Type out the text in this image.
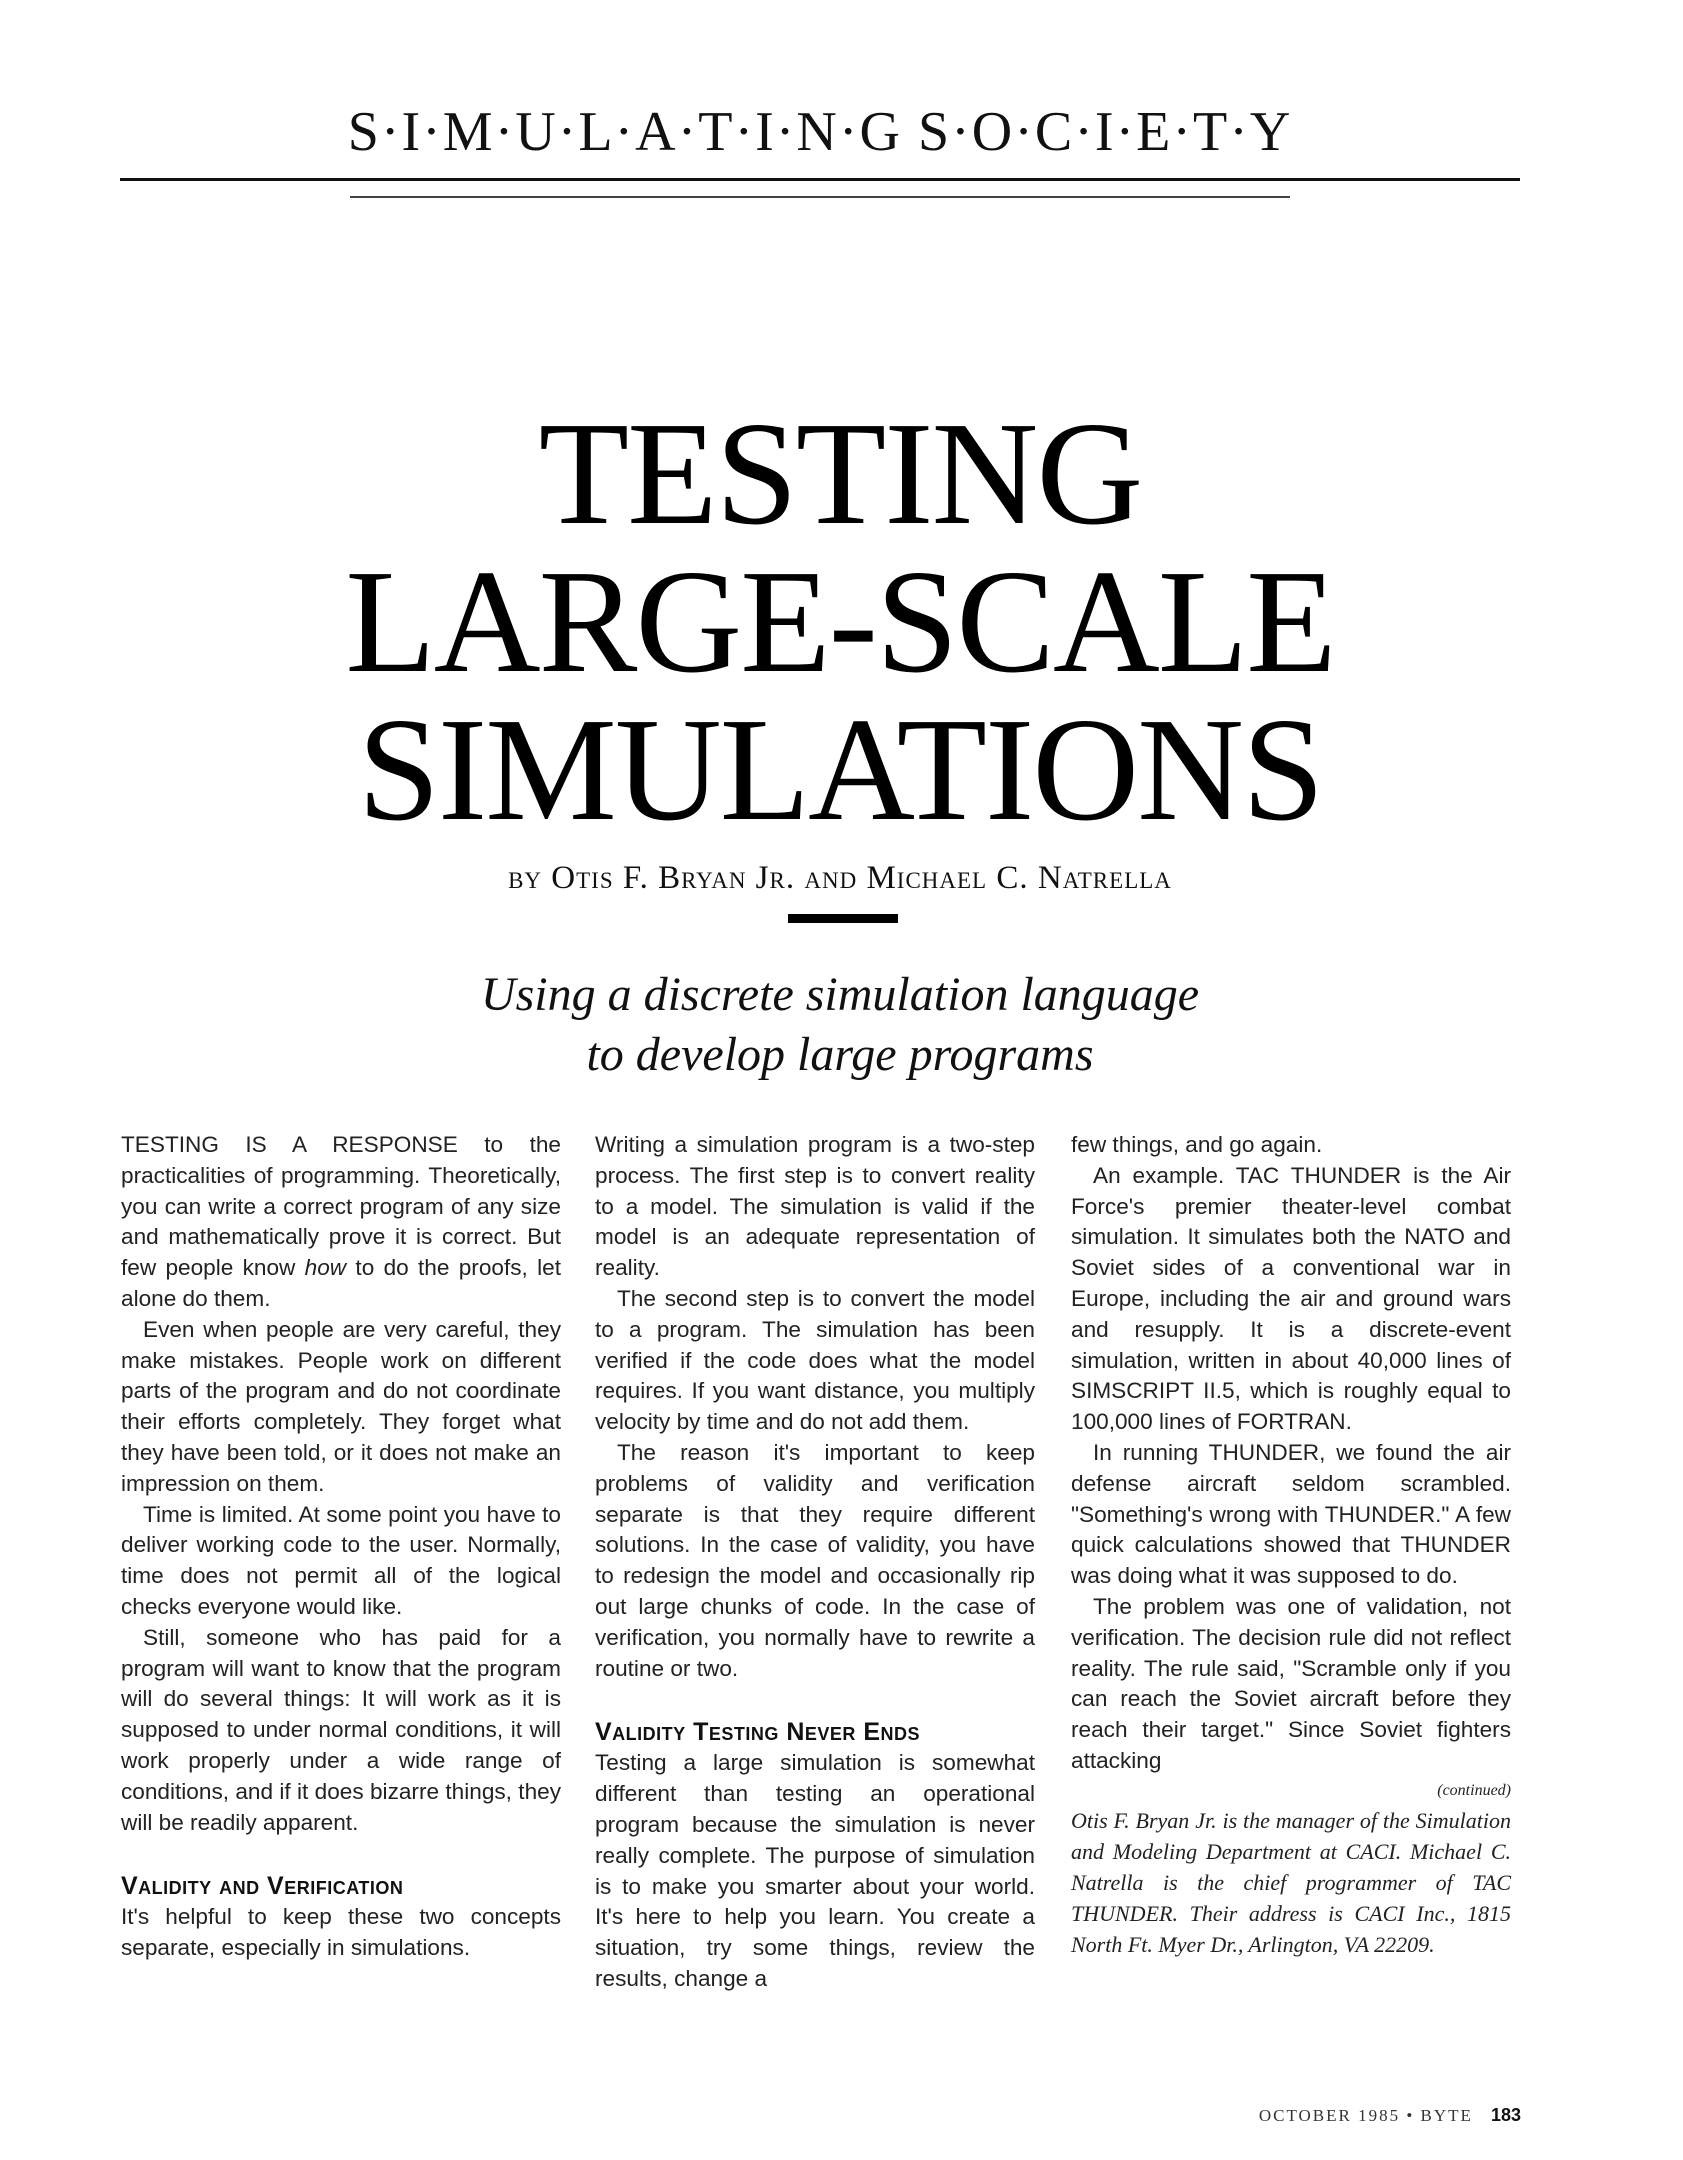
S·I·M·U·L·A·T·I·N·G S·O·C·I·E·T·Y
TESTING
LARGE-SCALE
SIMULATIONS
by Otis F. Bryan Jr. and Michael C. Natrella
Using a discrete simulation language
to develop large programs

TESTING IS A RESPONSE to the practicalities of programming. Theoretically, you can write a correct program of any size and mathematically prove it is correct. But few people know how to do the proofs, let alone do them.

Even when people are very careful, they make mistakes. People work on different parts of the program and do not coordinate their efforts completely. They forget what they have been told, or it does not make an impression on them.

Time is limited. At some point you have to deliver working code to the user. Normally, time does not permit all of the logical checks everyone would like.

Still, someone who has paid for a program will want to know that the program will do several things: It will work as it is supposed to under normal conditions, it will work properly under a wide range of conditions, and if it does bizarre things, they will be readily apparent.

Validity and Verification

It's helpful to keep these two concepts separate, especially in simulations.

Writing a simulation program is a two-step process. The first step is to convert reality to a model. The simulation is valid if the model is an adequate representation of reality.

The second step is to convert the model to a program. The simulation has been verified if the code does what the model requires. If you want distance, you multiply velocity by time and do not add them.

The reason it's important to keep problems of validity and verification separate is that they require different solutions. In the case of validity, you have to redesign the model and occasionally rip out large chunks of code. In the case of verification, you normally have to rewrite a routine or two.

Validity Testing Never Ends

Testing a large simulation is somewhat different than testing an operational program because the simulation is never really complete. The purpose of simulation is to make you smarter about your world. It's here to help you learn. You create a situation, try some things, review the results, change a

few things, and go again.

An example. TAC THUNDER is the Air Force's premier theater-level combat simulation. It simulates both the NATO and Soviet sides of a conventional war in Europe, including the air and ground wars and resupply. It is a discrete-event simulation, written in about 40,000 lines of SIMSCRIPT II.5, which is roughly equal to 100,000 lines of FORTRAN.

In running THUNDER, we found the air defense aircraft seldom scrambled. "Something's wrong with THUNDER." A few quick calculations showed that THUNDER was doing what it was supposed to do.

The problem was one of validation, not verification. The decision rule did not reflect reality. The rule said, "Scramble only if you can reach the Soviet aircraft before they reach their target." Since Soviet fighters attacking

(continued)
Otis F. Bryan Jr. is the manager of the Simulation and Modeling Department at CACI. Michael C. Natrella is the chief programmer of TAC THUNDER. Their address is CACI Inc., 1815 North Ft. Myer Dr., Arlington, VA 22209.
OCTOBER 1985 • BYTE 183
